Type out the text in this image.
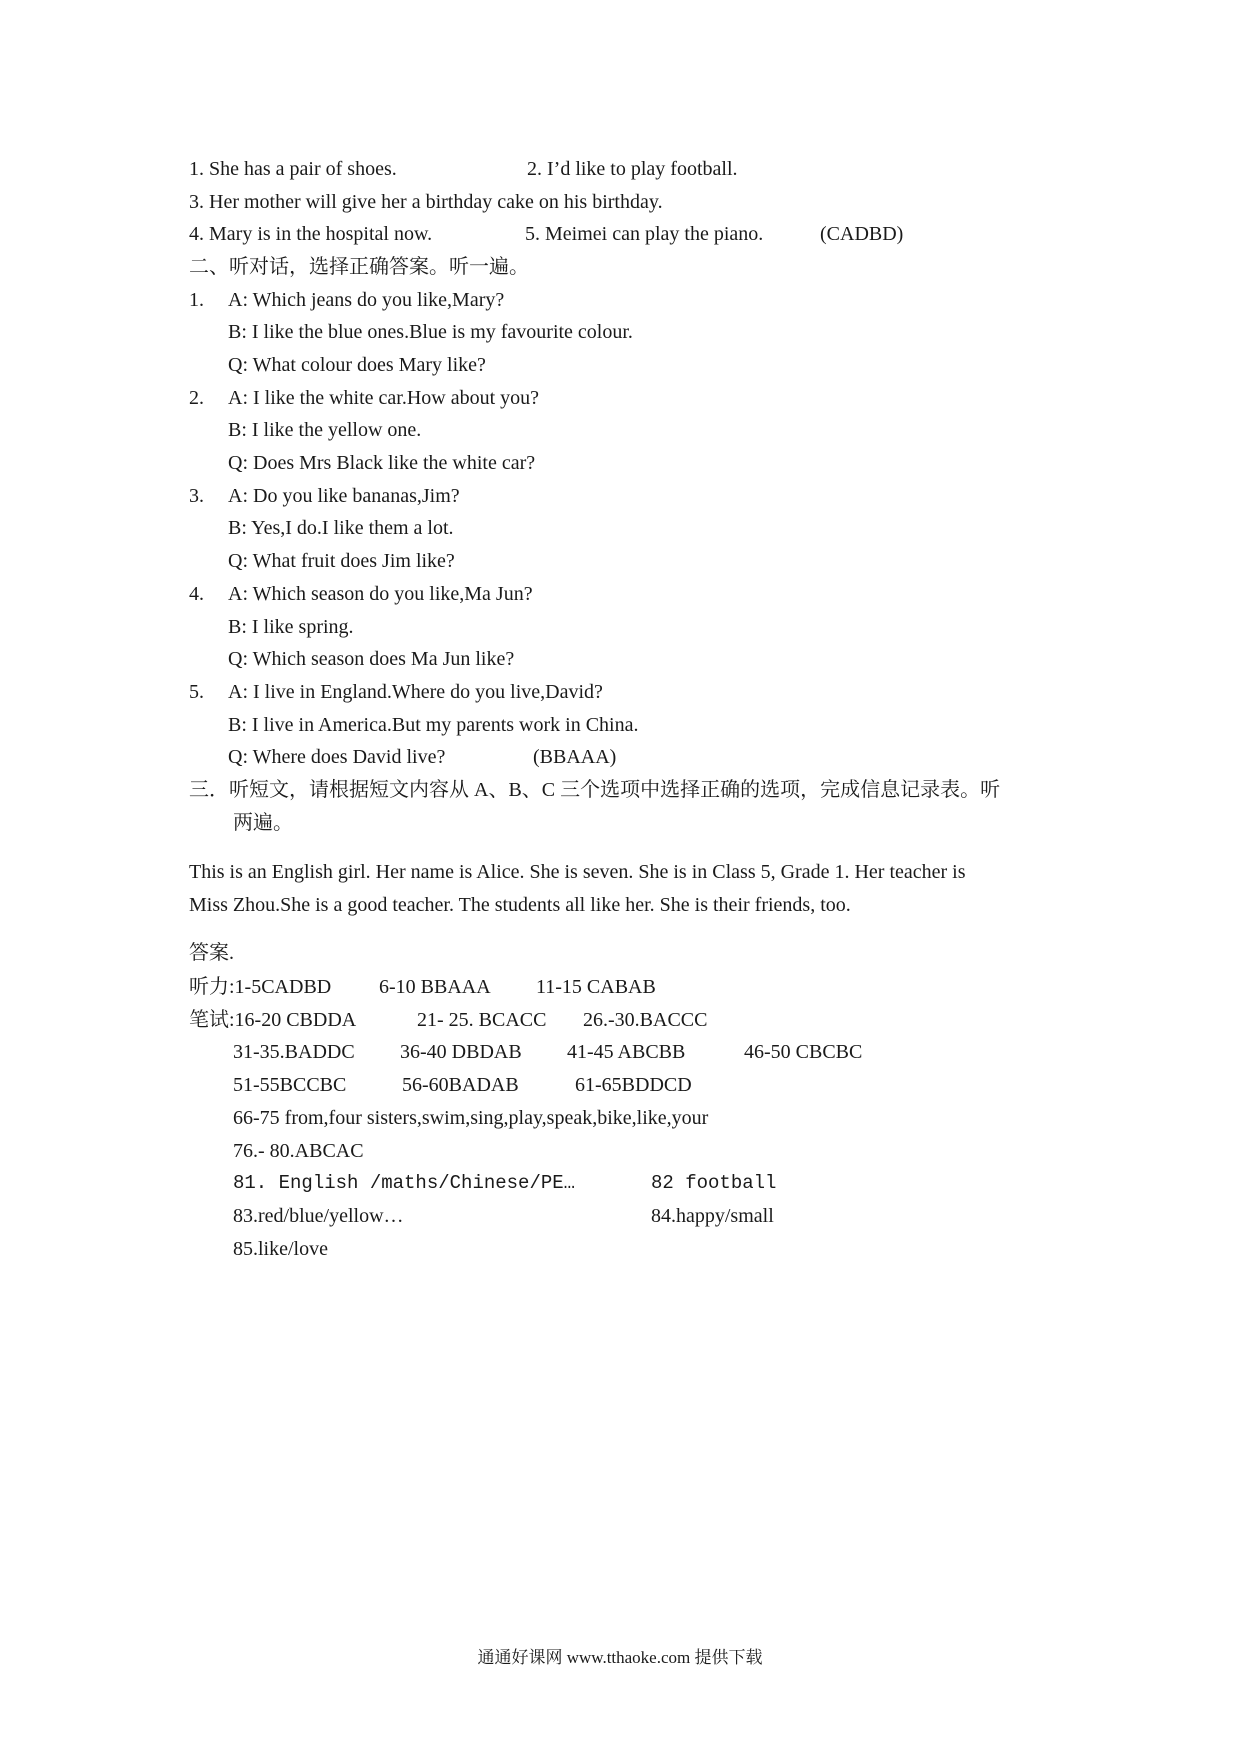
1. She has a pair of shoes.	2. I’d like to play football.
3. Her mother will give her a birthday cake on his birthday.
4. Mary is in the hospital now.	5. Meimei can play the piano.	(CADBD)
二、听对话，选择正确答案。听一遍。
1. A: Which jeans do you like,Mary?
B: I like the blue ones.Blue is my favourite colour.
Q: What colour does Mary like?
2. A: I like the white car.How about you?
B: I like the yellow one.
Q: Does Mrs Black like the white car?
3. A: Do you like bananas,Jim?
B: Yes,I do.I like them a lot.
Q: What fruit does Jim like?
4. A: Which season do you like,Ma Jun?
B: I like spring.
Q: Which season does Ma Jun like?
5. A: I live in England.Where do you live,David?
B: I live in America.But my parents work in China.
Q: Where does David live?	(BBAAA)
三．听短文，请根据短文内容从 A、B、C 三个选项中选择正确的选项，完成信息记录表。听
两遍。
This is an English girl. Her name is Alice. She is seven. She is in Class 5, Grade 1. Her teacher is
Miss Zhou.She is a good teacher. The students all like her. She is their friends, too.
答案.
听力:1-5CADBD 6-10 BBAAA 11-15 CABAB
笔试:16-20 CBDDA	21- 25. BCACC 26.-30.BACCC
31-35.BADDC 36-40 DBDAB 41-45 ABCBB	46-50 CBCBC
51-55BCCBC	56-60BADAB	61-65BDDCD
66-75 from,four sisters,swim,sing,play,speak,bike,like,your
76.- 80.ABCAC
81. English /maths/Chinese/PE…	82 football
83.red/blue/yellow…	84.happy/small
85.like/love
通通好课网 www.tthaoke.com 提供下载
